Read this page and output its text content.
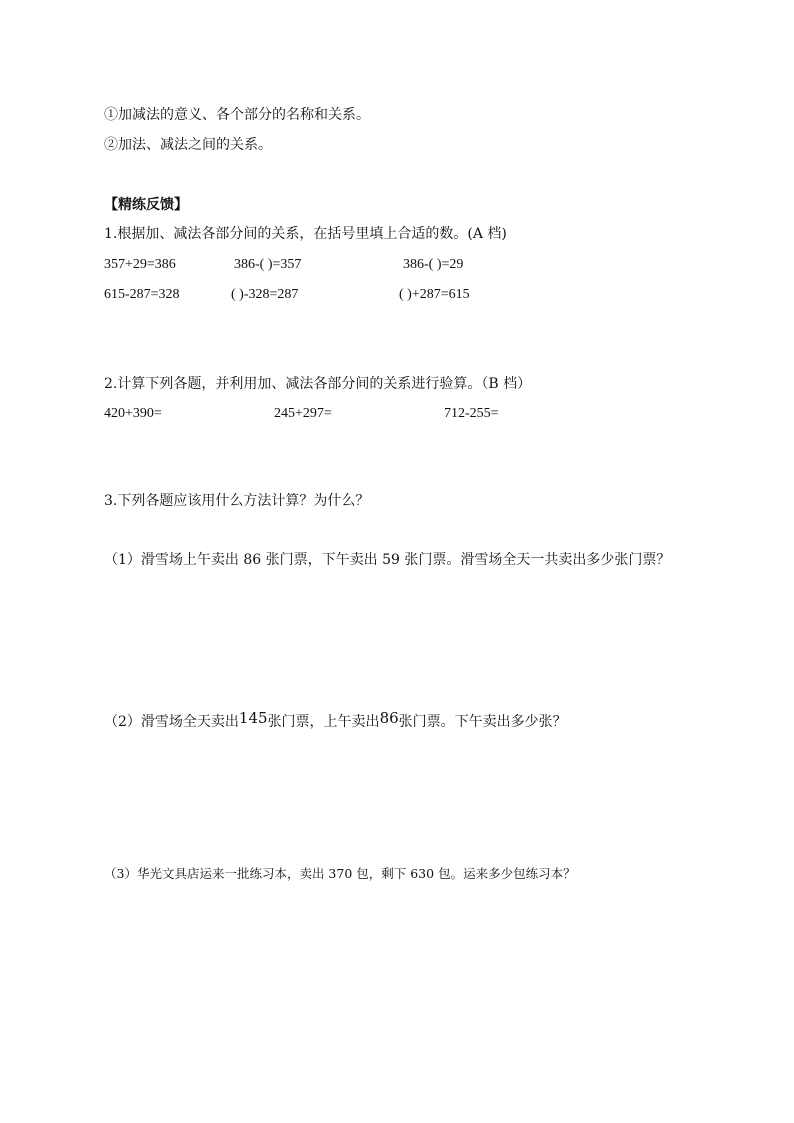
①加减法的意义、各个部分的名称和关系。
②加法、减法之间的关系。
【精练反馈】
1.根据加、减法各部分间的关系，在括号里填上合适的数。(A 档)
357+29=386	386-( )=357	386-( )=29
615-287=328	( )-328=287	( )+287=615
2.计算下列各题，并利用加、减法各部分间的关系进行验算。（B 档）
420+390=	245+297=	712-255=
3.下列各题应该用什么方法计算？为什么？
（1）滑雪场上午卖出 86 张门票，下午卖出 59 张门票。滑雪场全天一共卖出多少张门票？
（2）滑雪场全天卖出145张门票，上午卖出86张门票。下午卖出多少张？
（3）华光文具店运来一批练习本，卖出 370 包，剩下 630 包。运来多少包练习本？
